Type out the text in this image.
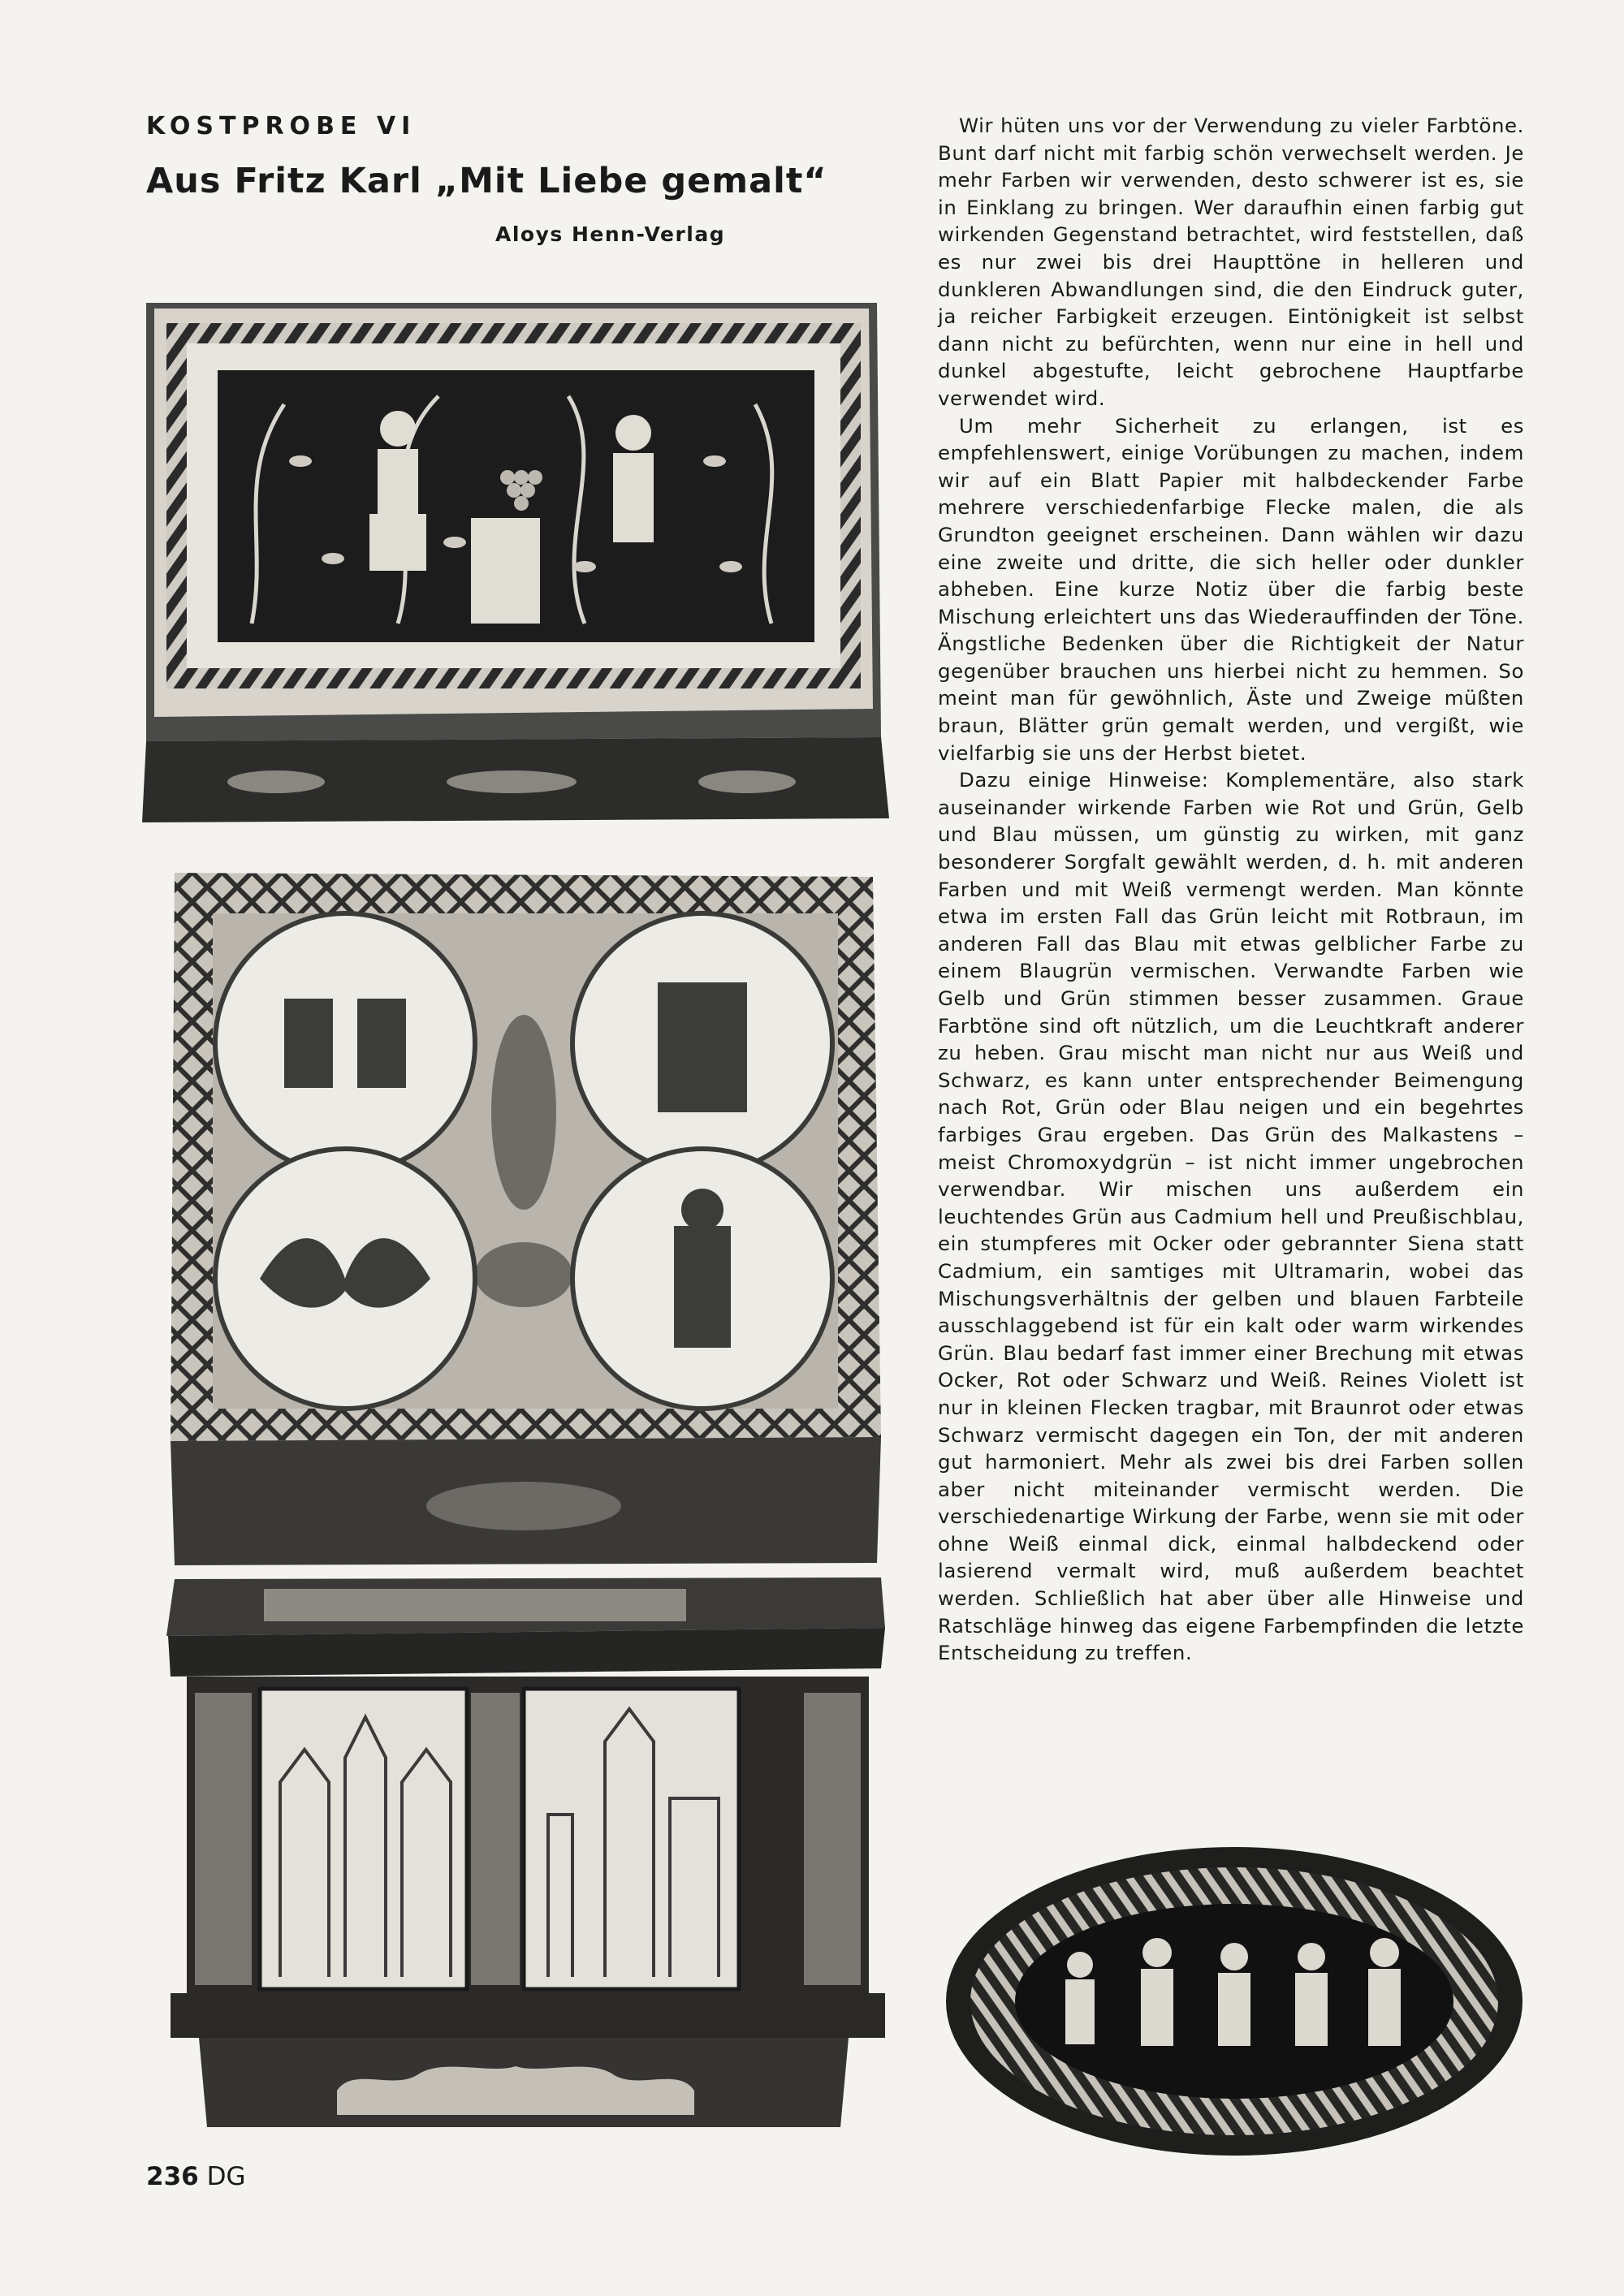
KOSTPROBE VI
Aus Fritz Karl „Mit Liebe gemalt“
Aloys Henn-Verlag

Wir hüten uns vor der Verwendung zu vieler Farbtöne. Bunt darf nicht mit farbig schön verwechselt werden. Je mehr Farben wir verwenden, desto schwerer ist es, sie in Einklang zu bringen. Wer daraufhin einen farbig gut wirkenden Gegenstand betrachtet, wird feststellen, daß es nur zwei bis drei Haupttöne in helleren und dunkleren Abwandlungen sind, die den Eindruck guter, ja reicher Farbigkeit erzeugen. Eintönigkeit ist selbst dann nicht zu befürchten, wenn nur eine in hell und dunkel abgestufte, leicht gebrochene Hauptfarbe verwendet wird.

Um mehr Sicherheit zu erlangen, ist es empfehlenswert, einige Vorübungen zu machen, indem wir auf ein Blatt Papier mit halbdeckender Farbe mehrere verschiedenfarbige Flecke malen, die als Grundton geeignet erscheinen. Dann wählen wir dazu eine zweite und dritte, die sich heller oder dunkler abheben. Eine kurze Notiz über die farbig beste Mischung erleichtert uns das Wiederauffinden der Töne. Ängstliche Bedenken über die Richtigkeit der Natur gegenüber brauchen uns hierbei nicht zu hemmen. So meint man für gewöhnlich, Äste und Zweige müßten braun, Blätter grün gemalt werden, und vergißt, wie vielfarbig sie uns der Herbst bietet.

Dazu einige Hinweise: Komplementäre, also stark auseinander wirkende Farben wie Rot und Grün, Gelb und Blau müssen, um günstig zu wirken, mit ganz besonderer Sorgfalt gewählt werden, d. h. mit anderen Farben und mit Weiß vermengt werden. Man könnte etwa im ersten Fall das Grün leicht mit Rotbraun, im anderen Fall das Blau mit etwas gelblicher Farbe zu einem Blaugrün vermischen. Verwandte Farben wie Gelb und Grün stimmen besser zusammen. Graue Farbtöne sind oft nützlich, um die Leuchtkraft anderer zu heben. Grau mischt man nicht nur aus Weiß und Schwarz, es kann unter entsprechender Beimengung nach Rot, Grün oder Blau neigen und ein begehrtes farbiges Grau ergeben. Das Grün des Malkastens – meist Chromoxydgrün – ist nicht immer ungebrochen verwendbar. Wir mischen uns außerdem ein leuchtendes Grün aus Cadmium hell und Preußischblau, ein stumpferes mit Ocker oder gebrannter Siena statt Cadmium, ein samtiges mit Ultramarin, wobei das Mischungsverhältnis der gelben und blauen Farbteile ausschlaggebend ist für ein kalt oder warm wirkendes Grün. Blau bedarf fast immer einer Brechung mit etwas Ocker, Rot oder Schwarz und Weiß. Reines Violett ist nur in kleinen Flecken tragbar, mit Braunrot oder etwas Schwarz vermischt dagegen ein Ton, der mit anderen gut harmoniert. Mehr als zwei bis drei Farben sollen aber nicht miteinander vermischt werden. Die verschiedenartige Wirkung der Farbe, wenn sie mit oder ohne Weiß einmal dick, einmal halbdeckend oder lasierend vermalt wird, muß außerdem beachtet werden. Schließlich hat aber über alle Hinweise und Ratschläge hinweg das eigene Farbempfinden die letzte Entscheidung zu treffen.

236 DG
